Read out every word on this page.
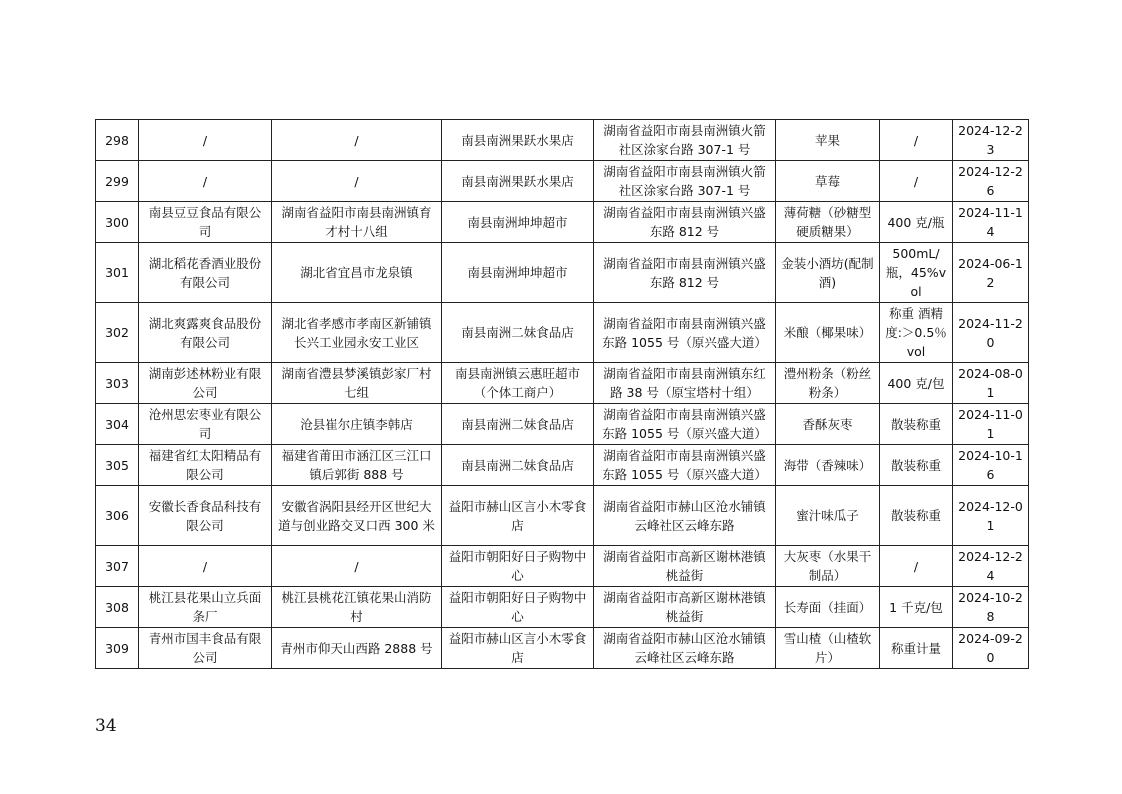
298	/	/	南县南洲果跃水果店	湖南省益阳市南县南洲镇火箭社区涂家台路 307-1 号	苹果	/	2024-12-23
299	/	/	南县南洲果跃水果店	湖南省益阳市南县南洲镇火箭社区涂家台路 307-1 号	草莓	/	2024-12-26
300	南县豆豆食品有限公司	湖南省益阳市南县南洲镇育才村十八组	南县南洲坤坤超市	湖南省益阳市南县南洲镇兴盛东路 812 号	薄荷糖（砂糖型硬质糖果）	400 克/瓶	2024-11-14
301	湖北稻花香酒业股份有限公司	湖北省宜昌市龙泉镇	南县南洲坤坤超市	湖南省益阳市南县南洲镇兴盛东路 812 号	金装小酒坊(配制酒)	500mL/瓶，45%vol	2024-06-12
302	湖北爽露爽食品股份有限公司	湖北省孝感市孝南区新铺镇长兴工业园永安工业区	南县南洲二妹食品店	湖南省益阳市南县南洲镇兴盛东路 1055 号（原兴盛大道）	米酿（椰果味）	称重 酒精度:＞0.5％vol	2024-11-20
303	湖南彭述林粉业有限公司	湖南省澧县梦溪镇彭家厂村七组	南县南洲镇云惠旺超市（个体工商户）	湖南省益阳市南县南洲镇东红路 38 号（原宝塔村十组）	澧州粉条（粉丝粉条）	400 克/包	2024-08-01
304	沧州思宏枣业有限公司	沧县崔尔庄镇李韩店	南县南洲二妹食品店	湖南省益阳市南县南洲镇兴盛东路 1055 号（原兴盛大道）	香酥灰枣	散装称重	2024-11-01
305	福建省红太阳精品有限公司	福建省莆田市涵江区三江口镇后郭街 888 号	南县南洲二妹食品店	湖南省益阳市南县南洲镇兴盛东路 1055 号（原兴盛大道）	海带（香辣味）	散装称重	2024-10-16
306	安徽长香食品科技有限公司	安徽省涡阳县经开区世纪大道与创业路交叉口西 300 米	益阳市赫山区言小木零食店	湖南省益阳市赫山区沧水铺镇云峰社区云峰东路	蜜汁味瓜子	散装称重	2024-12-01
307	/	/	益阳市朝阳好日子购物中心	湖南省益阳市高新区谢林港镇桃益街	大灰枣（水果干制品）	/	2024-12-24
308	桃江县花果山立兵面条厂	桃江县桃花江镇花果山消防村	益阳市朝阳好日子购物中心	湖南省益阳市高新区谢林港镇桃益街	长寿面（挂面）	1 千克/包	2024-10-28
309	青州市国丰食品有限公司	青州市仰天山西路 2888 号	益阳市赫山区言小木零食店	湖南省益阳市赫山区沧水铺镇云峰社区云峰东路	雪山楂（山楂软片）	称重计量	2024-09-20
34
